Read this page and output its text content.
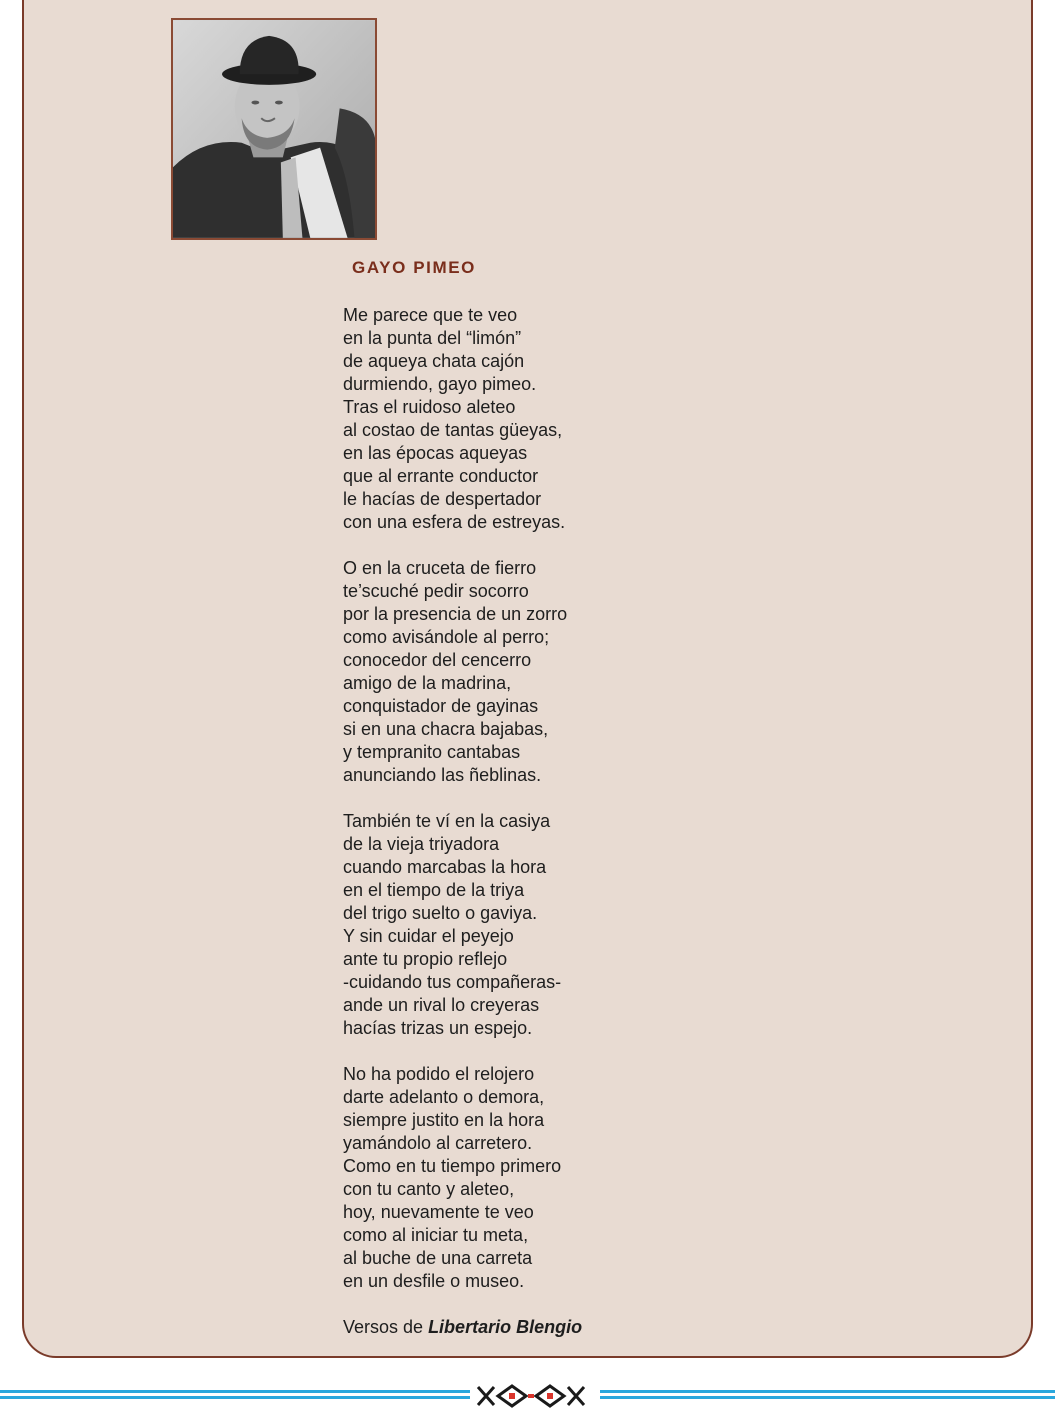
GAYO PIMEO
Me parece que te veo
en la punta del “limón”
de aqueya chata cajón
durmiendo, gayo pimeo.
Tras el ruidoso aleteo
al costao de tantas güeyas,
en las épocas aqueyas
que al errante conductor
le hacías de despertador
con una esfera de estreyas.
O en la cruceta de fierro
te’scuché pedir socorro
por la presencia de un zorro
como avisándole al perro;
conocedor del cencerro
amigo de la madrina,
conquistador de gayinas
si en una chacra bajabas,
y tempranito cantabas
anunciando las ñeblinas.
También te ví en la casiya
de la vieja triyadora
cuando marcabas la hora
en el tiempo de la triya
del trigo suelto o gaviya.
Y sin cuidar el peyejo
ante tu propio reflejo
-cuidando tus compañeras-
ande un rival lo creyeras
hacías trizas un espejo.
No ha podido el relojero
darte adelanto o demora,
siempre justito en la hora
yamándolo al carretero.
Como en tu tiempo primero
con tu canto y aleteo,
hoy, nuevamente te veo
como al iniciar tu meta,
al buche de una carreta
en un desfile o museo.
Versos de Libertario Blengio
